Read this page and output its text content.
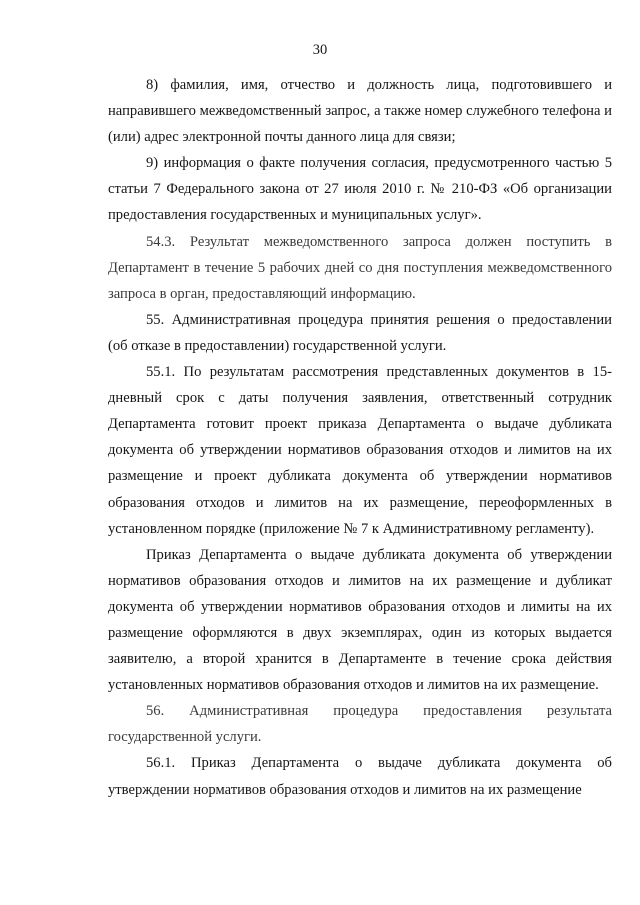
30

8) фамилия, имя, отчество и должность лица, подготовившего и направившего межведомственный запрос, а также номер служебного телефона и (или) адрес электронной почты данного лица для связи;

9) информация о факте получения согласия, предусмотренного частью 5 статьи 7 Федерального закона от 27 июля 2010 г. № 210-ФЗ «Об организации предоставления государственных и муниципальных услуг».

54.3. Результат межведомственного запроса должен поступить в Департамент в течение 5 рабочих дней со дня поступления межведомственного запроса в орган, предоставляющий информацию.

55. Административная процедура принятия решения о предоставлении (об отказе в предоставлении) государственной услуги.

55.1. По результатам рассмотрения представленных документов в 15-дневный срок с даты получения заявления, ответственный сотрудник Департамента готовит проект приказа Департамента о выдаче дубликата документа об утверждении нормативов образования отходов и лимитов на их размещение и проект дубликата документа об утверждении нормативов образования отходов и лимитов на их размещение, переоформленных в установленном порядке (приложение № 7 к Административному регламенту).

Приказ Департамента о выдаче дубликата документа об утверждении нормативов образования отходов и лимитов на их размещение и дубликат документа об утверждении нормативов образования отходов и лимиты на их размещение оформляются в двух экземплярах, один из которых выдается заявителю, а второй хранится в Департаменте в течение срока действия установленных нормативов образования отходов и лимитов на их размещение.

56. Административная процедура предоставления результата государственной услуги.

56.1. Приказ Департамента о выдаче дубликата документа об утверждении нормативов образования отходов и лимитов на их размещение
